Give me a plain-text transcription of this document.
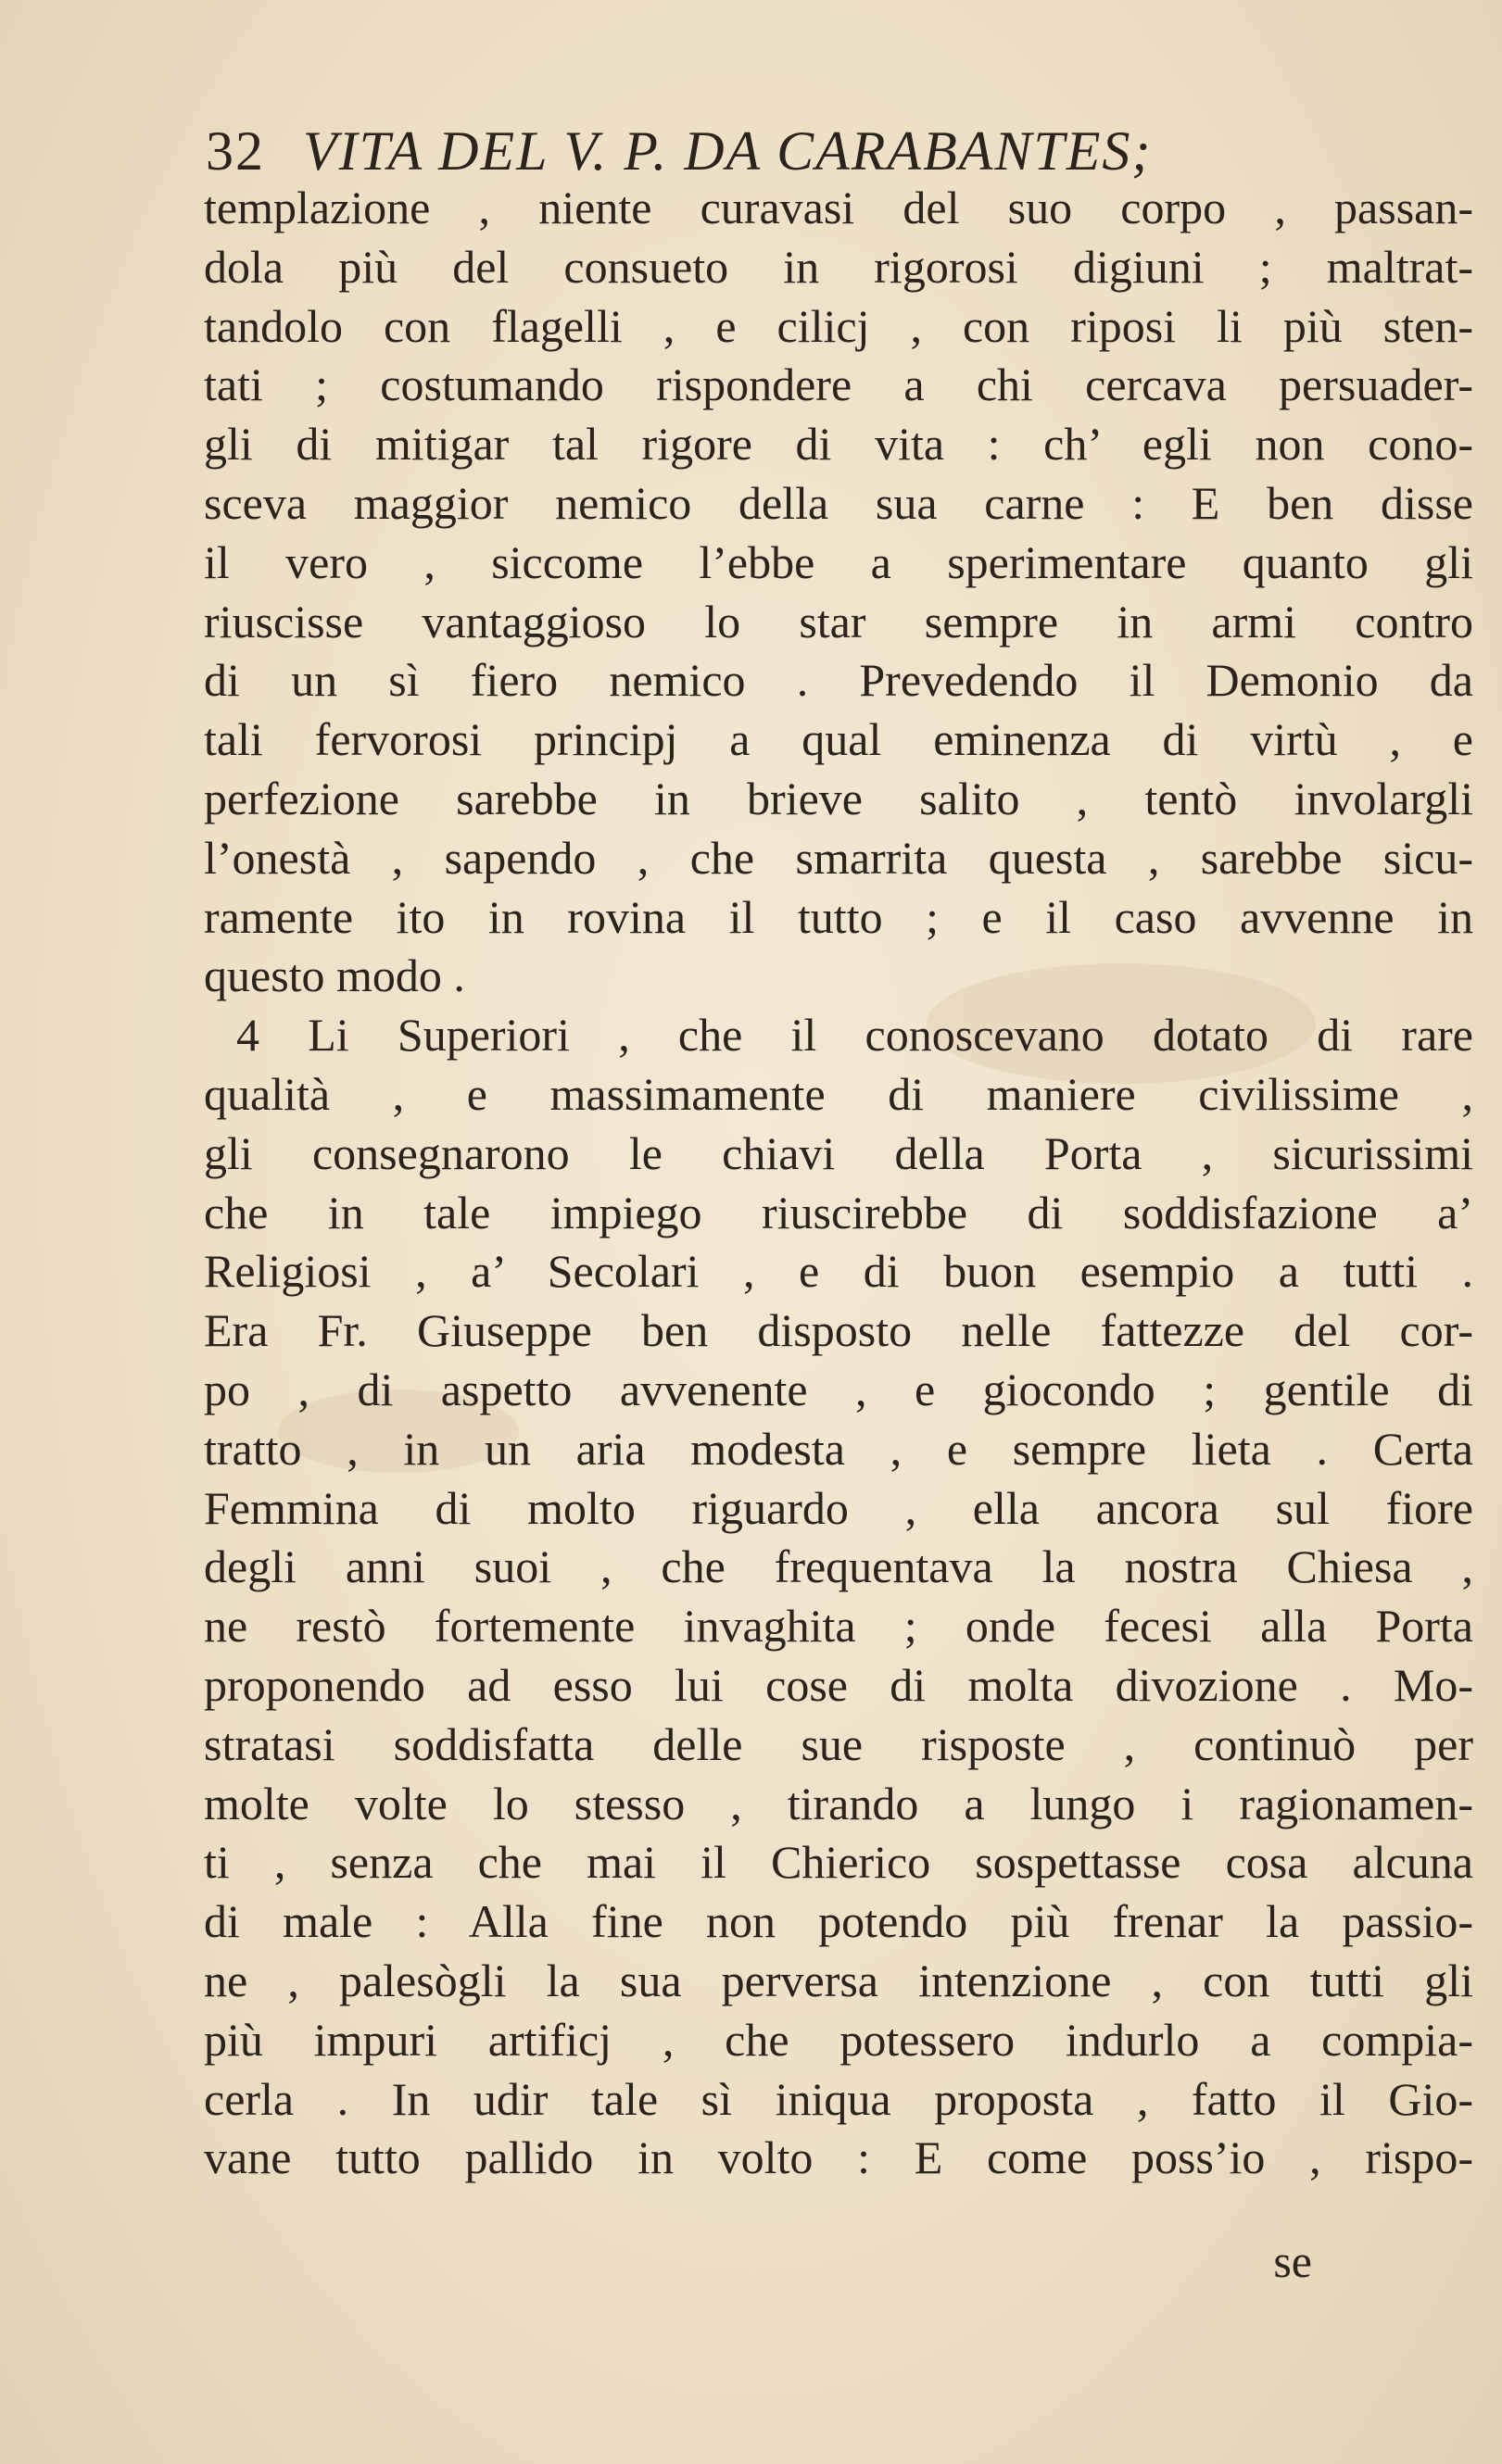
32 VITA DEL V. P. DA CARABANTES;
templazione , niente curavasi del suo corpo , passan-
dola più del consueto in rigorosi digiuni ; maltrat-
tandolo con flagelli , e cilicj , con riposi li più sten-
tati ; costumando rispondere a chi cercava persuader-
gli di mitigar tal rigore di vita : ch’ egli non cono-
sceva maggior nemico della sua carne : E ben disse
il vero , siccome l’ebbe a sperimentare quanto gli
riuscisse vantaggioso lo star sempre in armi contro
di un sì fiero nemico . Prevedendo il Demonio da
tali fervorosi principj a qual eminenza di virtù , e
perfezione sarebbe in brieve salito , tentò involargli
l’onestà , sapendo , che smarrita questa , sarebbe sicu-
ramente ito in rovina il tutto ; e il caso avvenne in
questo modo .
4 Li Superiori , che il conoscevano dotato di rare
qualità , e massimamente di maniere civilissime ,
gli consegnarono le chiavi della Porta , sicurissimi
che in tale impiego riuscirebbe di soddisfazione a’
Religiosi , a’ Secolari , e di buon esempio a tutti .
Era Fr. Giuseppe ben disposto nelle fattezze del cor-
po , di aspetto avvenente , e giocondo ; gentile di
tratto , in un aria modesta , e sempre lieta . Certa
Femmina di molto riguardo , ella ancora sul fiore
degli anni suoi , che frequentava la nostra Chiesa ,
ne restò fortemente invaghita ; onde fecesi alla Porta
proponendo ad esso lui cose di molta divozione . Mo-
stratasi soddisfatta delle sue risposte , continuò per
molte volte lo stesso , tirando a lungo i ragionamen-
ti , senza che mai il Chierico sospettasse cosa alcuna
di male : Alla fine non potendo più frenar la passio-
ne , palesògli la sua perversa intenzione , con tutti gli
più impuri artificj , che potessero indurlo a compia-
cerla . In udir tale sì iniqua proposta , fatto il Gio-
vane tutto pallido in volto : E come poss’io , rispo-
se
